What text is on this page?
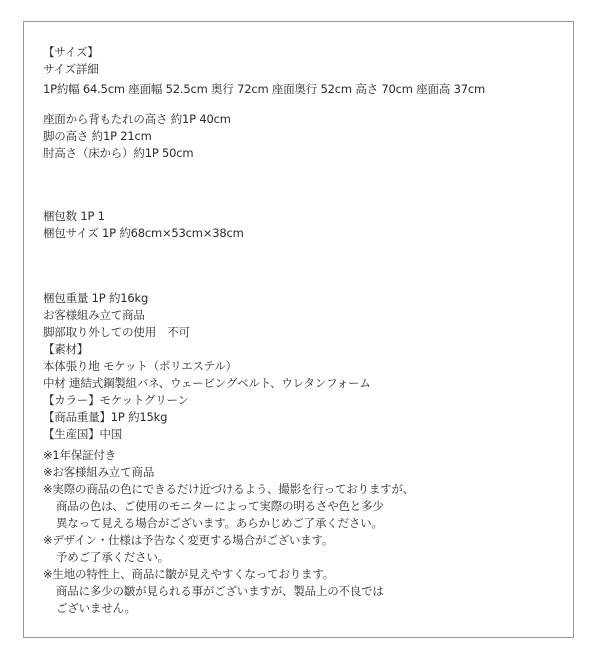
【サイズ】
サイズ詳細
1P約幅 64.5cm 座面幅 52.5cm 奥行 72cm 座面奥行 52cm 高さ 70cm 座面高 37cm
座面から背もたれの高さ 約1P 40cm
脚の高さ 約1P 21cm
肘高さ（床から）約1P 50cm
梱包数 1P 1
梱包サイズ 1P 約68cm×53cm×38cm
梱包重量 1P 約16kg
お客様組み立て商品
脚部取り外しての使用　不可
【素材】
本体張り地 モケット（ポリエステル）
中材 連結式鋼製組バネ、ウェービングベルト、ウレタンフォーム
【カラー】モケットグリーン
【商品重量】1P 約15kg
【生産国】中国
※1年保証付き
※お客様組み立て商品
※実際の商品の色にできるだけ近づけるよう、撮影を行っておりますが、
商品の色は、ご使用のモニターによって実際の明るさや色と多少
異なって見える場合がございます。あらかじめご了承ください。
※デザイン・仕様は予告なく変更する場合がございます。
予めご了承ください。
※生地の特性上、商品に皺が見えやすくなっております。
商品に多少の皺が見られる事がございますが、製品上の不良では
ございません。
